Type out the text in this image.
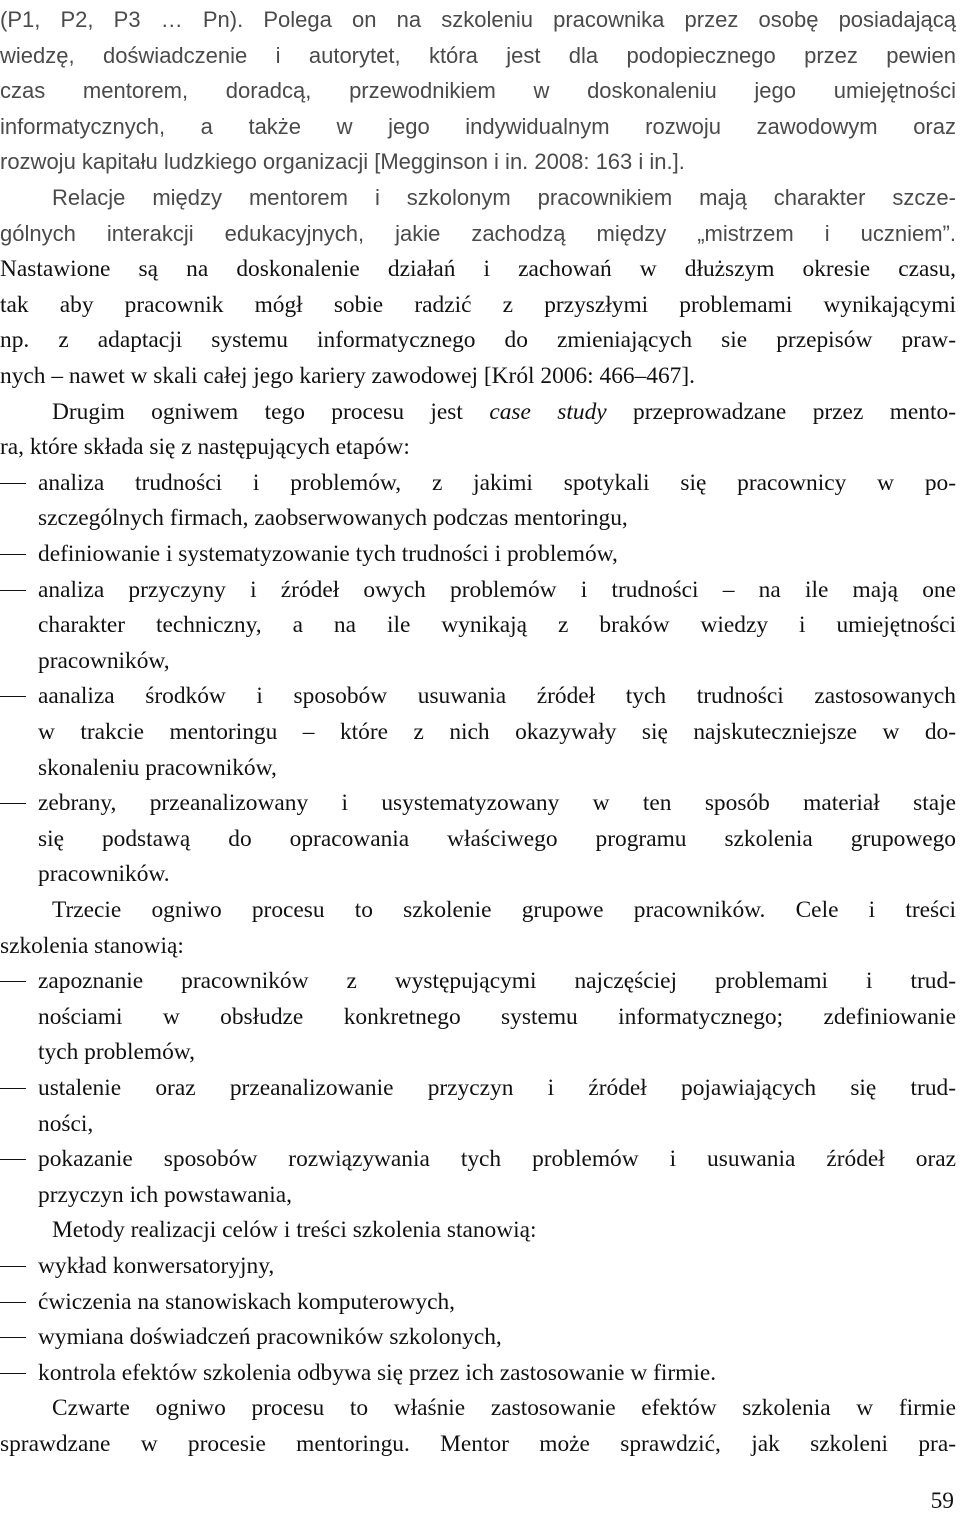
(P1, P2, P3 … Pn). Polega on na szkoleniu pracownika przez osobę posiadającą
wiedzę, doświadczenie i autorytet, która jest dla podopiecznego przez pewien
czas mentorem, doradcą, przewodnikiem w doskonaleniu jego umiejętności
informatycznych, a także w jego indywidualnym rozwoju zawodowym oraz
rozwoju kapitału ludzkiego organizacji [Megginson i in. 2008: 163 i in.].
Relacje między mentorem i szkolonym pracownikiem mają charakter szcze-
gólnych interakcji edukacyjnych, jakie zachodzą między „mistrzem i uczniem”.
Nastawione są na doskonalenie działań i zachowań w dłuższym okresie czasu,
tak aby pracownik mógł sobie radzić z przyszłymi problemami wynikającymi
np. z adaptacji systemu informatycznego do zmieniających sie przepisów praw-
nych – nawet w skali całej jego kariery zawodowej [Król 2006: 466–467].
Drugim ogniwem tego procesu jest case study przeprowadzane przez mento-
ra, które składa się z następujących etapów:
analiza trudności i problemów, z jakimi spotykali się pracownicy w po-
szczególnych firmach, zaobserwowanych podczas mentoringu,
definiowanie i systematyzowanie tych trudności i problemów,
analiza przyczyny i źródeł owych problemów i trudności – na ile mają one
charakter techniczny, a na ile wynikają z braków wiedzy i umiejętności
pracowników,
aanaliza środków i sposobów usuwania źródeł tych trudności zastosowanych
w trakcie mentoringu – które z nich okazywały się najskuteczniejsze w do-
skonaleniu pracowników,
zebrany, przeanalizowany i usystematyzowany w ten sposób materiał staje
się podstawą do opracowania właściwego programu szkolenia grupowego
pracowników.
Trzecie ogniwo procesu to szkolenie grupowe pracowników. Cele i treści
szkolenia stanowią:
zapoznanie pracowników z występującymi najczęściej problemami i trud-
nościami w obsłudze konkretnego systemu informatycznego; zdefiniowanie
tych problemów,
ustalenie oraz przeanalizowanie przyczyn i źródeł pojawiających się trud-
ności,
pokazanie sposobów rozwiązywania tych problemów i usuwania źródeł oraz
przyczyn ich powstawania,
Metody realizacji celów i treści szkolenia stanowią:
wykład konwersatoryjny,
ćwiczenia na stanowiskach komputerowych,
wymiana doświadczeń pracowników szkolonych,
kontrola efektów szkolenia odbywa się przez ich zastosowanie w firmie.
Czwarte ogniwo procesu to właśnie zastosowanie efektów szkolenia w firmie
sprawdzane w procesie mentoringu. Mentor może sprawdzić, jak szkoleni pra-
59
